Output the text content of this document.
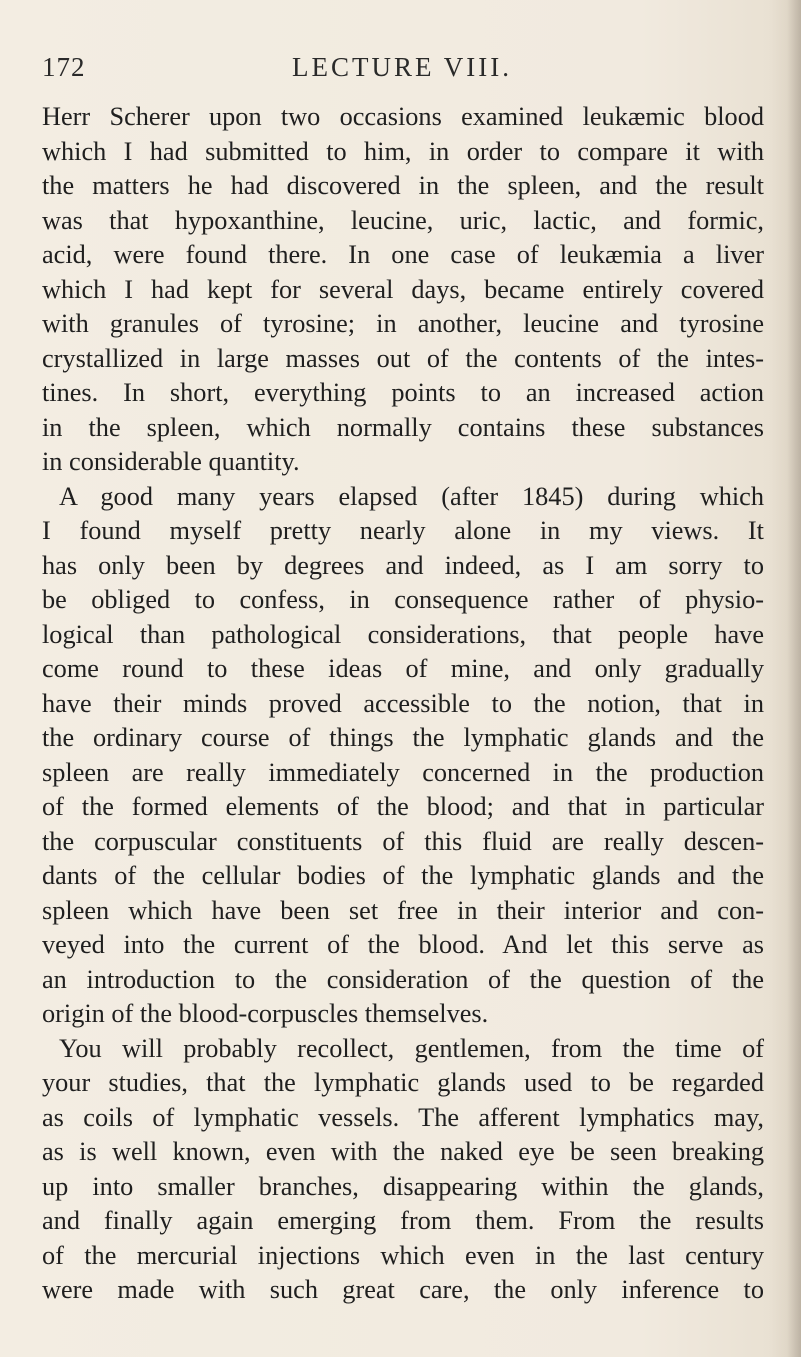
172	LECTURE VIII.
Herr Scherer upon two occasions examined leukæmic blood
which I had submitted to him, in order to compare it with
the matters he had discovered in the spleen, and the result
was that hypoxanthine, leucine, uric, lactic, and formic,
acid, were found there. In one case of leukæmia a liver
which I had kept for several days, became entirely covered
with granules of tyrosine; in another, leucine and tyrosine
crystallized in large masses out of the contents of the intes-
tines. In short, everything points to an increased action
in the spleen, which normally contains these substances
in considerable quantity.
A good many years elapsed (after 1845) during which
I found myself pretty nearly alone in my views. It
has only been by degrees and indeed, as I am sorry to
be obliged to confess, in consequence rather of physio-
logical than pathological considerations, that people have
come round to these ideas of mine, and only gradually
have their minds proved accessible to the notion, that in
the ordinary course of things the lymphatic glands and the
spleen are really immediately concerned in the production
of the formed elements of the blood; and that in particular
the corpuscular constituents of this fluid are really descen-
dants of the cellular bodies of the lymphatic glands and the
spleen which have been set free in their interior and con-
veyed into the current of the blood. And let this serve as
an introduction to the consideration of the question of the
origin of the blood-corpuscles themselves.
You will probably recollect, gentlemen, from the time of
your studies, that the lymphatic glands used to be regarded
as coils of lymphatic vessels. The afferent lymphatics may,
as is well known, even with the naked eye be seen breaking
up into smaller branches, disappearing within the glands,
and finally again emerging from them. From the results
of the mercurial injections which even in the last century
were made with such great care, the only inference to
